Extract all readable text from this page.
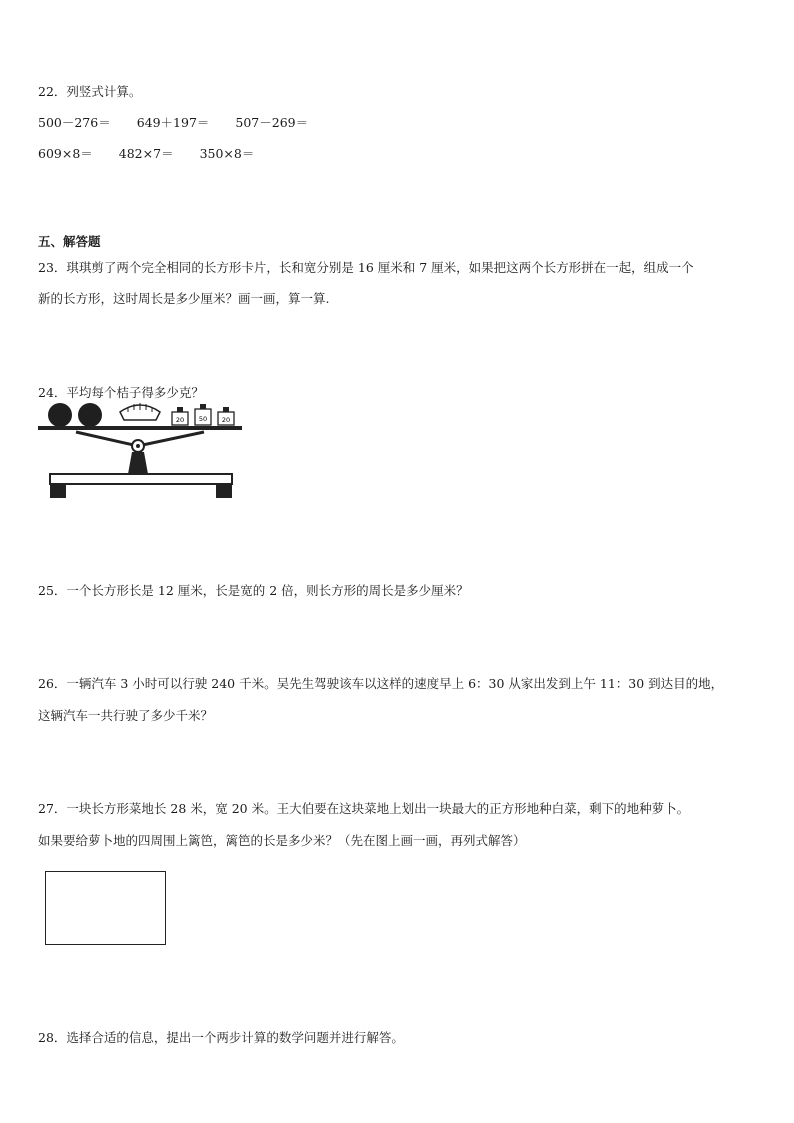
22．列竖式计算。
500－276＝ 649＋197＝ 507－269＝
609×8＝ 482×7＝ 350×8＝
五、解答题
23．琪琪剪了两个完全相同的长方形卡片，长和宽分别是 16 厘米和 7 厘米，如果把这两个长方形拼在一起，组成一个
新的长方形，这时周长是多少厘米？画一画，算一算.
24．平均每个桔子得多少克？
20 50 20
25．一个长方形长是 12 厘米，长是宽的 2 倍，则长方形的周长是多少厘米？
26．一辆汽车 3 小时可以行驶 240 千米。吴先生驾驶该车以这样的速度早上 6：30 从家出发到上午 11：30 到达目的地，
这辆汽车一共行驶了多少千米？
27．一块长方形菜地长 28 米，宽 20 米。王大伯要在这块菜地上划出一块最大的正方形地种白菜，剩下的地种萝卜。
如果要给萝卜地的四周围上篱笆，篱笆的长是多少米？（先在图上画一画，再列式解答）
28．选择合适的信息，提出一个两步计算的数学问题并进行解答。
